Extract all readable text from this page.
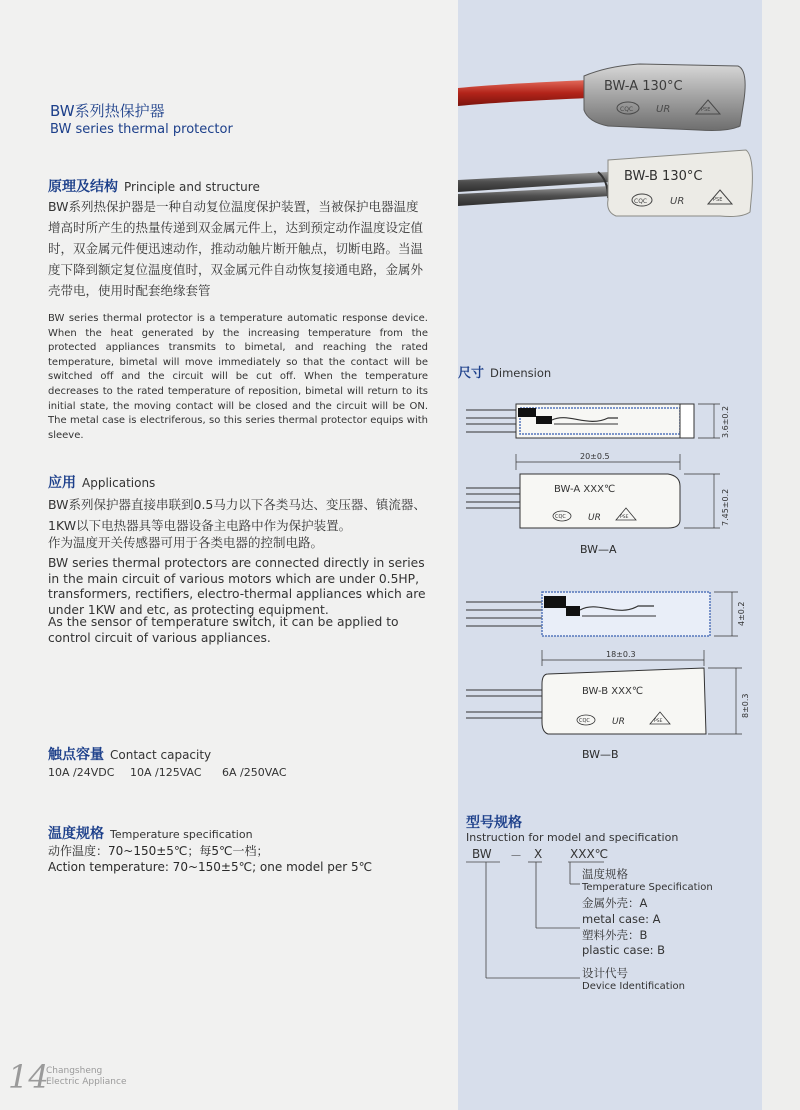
BW系列热保护器
BW series thermal protector
原理及结构 Principle and structure
BW系列热保护器是一种自动复位温度保护装置，当被保护电器温度增高时所产生的热量传递到双金属元件上，达到预定动作温度设定值时，双金属元件便迅速动作，推动动触片断开触点，切断电路。当温度下降到额定复位温度值时，双金属元件自动恢复接通电路，金属外壳带电，使用时配套绝缘套管
BW series thermal protector is a temperature automatic response device. When the heat generated by the increasing temperature from the protected appliances transmits to bimetal, and reaching the rated temperature, bimetal will move immediately so that the contact will be switched off and the circuit will be cut off. When the temperature decreases to the rated temperature of reposition, bimetal will return to its initial state, the moving contact will be closed and the circuit will be ON. The metal case is electriferous, so this series thermal protector equips with sleeve.
应用 Applications
BW系列保护器直接串联到0.5马力以下各类马达、变压器、镇流器、1KW以下电热器具等电器设备主电路中作为保护装置。
作为温度开关传感器可用于各类电器的控制电路。
BW series thermal protectors are connected directly in series in the main circuit of various motors which are under 0.5HP, transformers, rectifiers, electro-thermal appliances which are under 1KW and etc, as protecting equipment.
As the sensor of temperature switch, it can be applied to control circuit of various appliances.
触点容量 Contact capacity
10A /24VDC 10A /125VAC 6A /250VAC
温度规格 Temperature specification
动作温度：70~150±5℃；每5℃一档；
Action temperature: 70~150±5℃; one model per 5℃
BW-A 130°C
CQC UR	PSE
BW-B 130°C
CQC UR	PSE
尺寸 Dimension
3.6±0.2
20±0.5
BW-A XXX℃
CQC UR	PSE	7.45±0.2
BW—A
4±0.2
18±0.3
BW-B XXX℃
CQC UR	PSE
8±0.3
BW—B
型号规格
Instruction for model and specification
BW － X XXX℃
温度规格
Temperature Specification
金属外壳：A
metal case: A
塑料外壳：B
plastic case: B
设计代号
Device Identification
14
Changsheng
Electric Appliance
